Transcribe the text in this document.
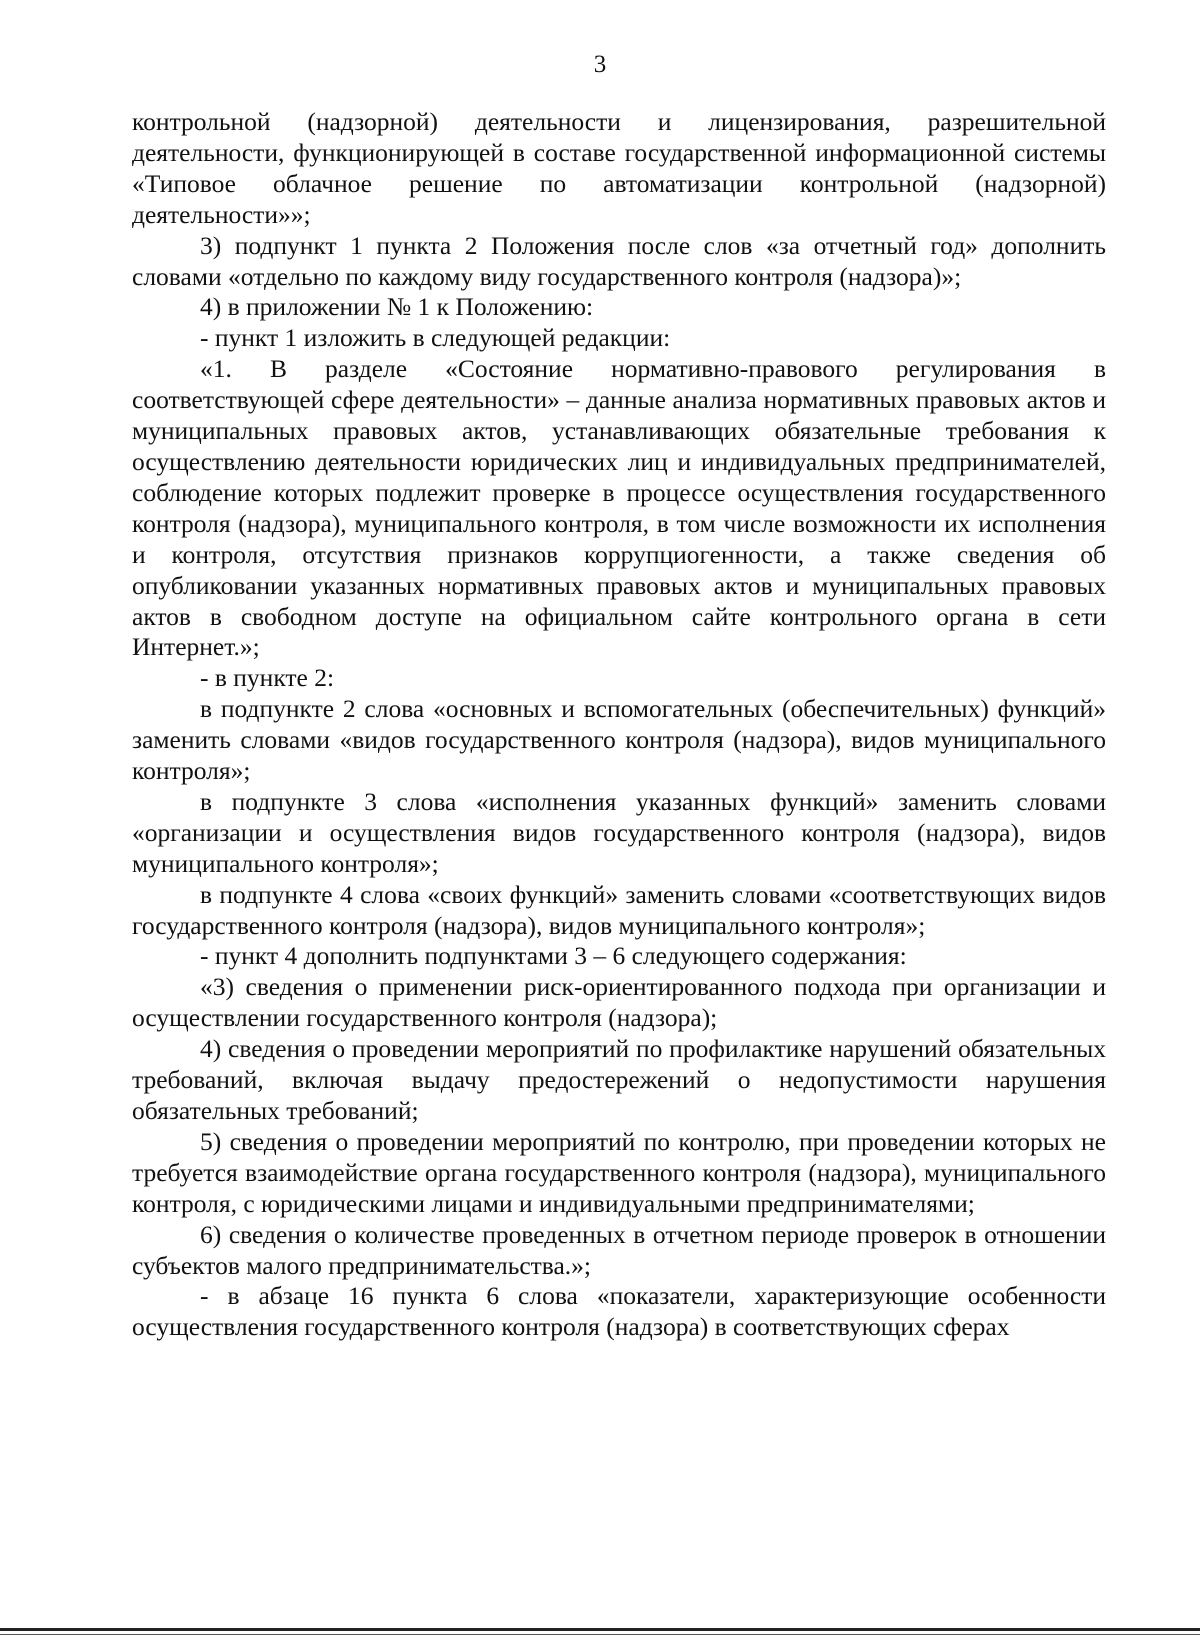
3

контрольной (надзорной) деятельности и лицензирования, разрешительной деятельности, функционирующей в составе государственной информационной системы «Типовое облачное решение по автоматизации контрольной (надзорной) деятельности»»;

3) подпункт 1 пункта 2 Положения после слов «за отчетный год» дополнить словами «отдельно по каждому виду государственного контроля (надзора)»;

4) в приложении № 1 к Положению:

- пункт 1 изложить в следующей редакции:

«1. В разделе «Состояние нормативно-правового регулирования в соответствующей сфере деятельности» – данные анализа нормативных правовых актов и муниципальных правовых актов, устанавливающих обязательные требования к осуществлению деятельности юридических лиц и индивидуальных предпринимателей, соблюдение которых подлежит проверке в процессе осуществления государственного контроля (надзора), муниципального контроля, в том числе возможности их исполнения и контроля, отсутствия признаков коррупциогенности, а также сведения об опубликовании указанных нормативных правовых актов и муниципальных правовых актов в свободном доступе на официальном сайте контрольного органа в сети Интернет.»;

- в пункте 2:

в подпункте 2 слова «основных и вспомогательных (обеспечительных) функций» заменить словами «видов государственного контроля (надзора), видов муниципального контроля»;

в подпункте 3 слова «исполнения указанных функций» заменить словами «организации и осуществления видов государственного контроля (надзора), видов муниципального контроля»;

в подпункте 4 слова «своих функций» заменить словами «соответствующих видов государственного контроля (надзора), видов муниципального контроля»;

- пункт 4 дополнить подпунктами 3 – 6 следующего содержания:

«3) сведения о применении риск-ориентированного подхода при организации и осуществлении государственного контроля (надзора);

4) сведения о проведении мероприятий по профилактике нарушений обязательных требований, включая выдачу предостережений о недопустимости нарушения обязательных требований;

5) сведения о проведении мероприятий по контролю, при проведении которых не требуется взаимодействие органа государственного контроля (надзора), муниципального контроля, с юридическими лицами и индивидуальными предпринимателями;

6) сведения о количестве проведенных в отчетном периоде проверок в отношении субъектов малого предпринимательства.»;

- в абзаце 16 пункта 6 слова «показатели, характеризующие особенности осуществления государственного контроля (надзора) в соответствующих сферах
